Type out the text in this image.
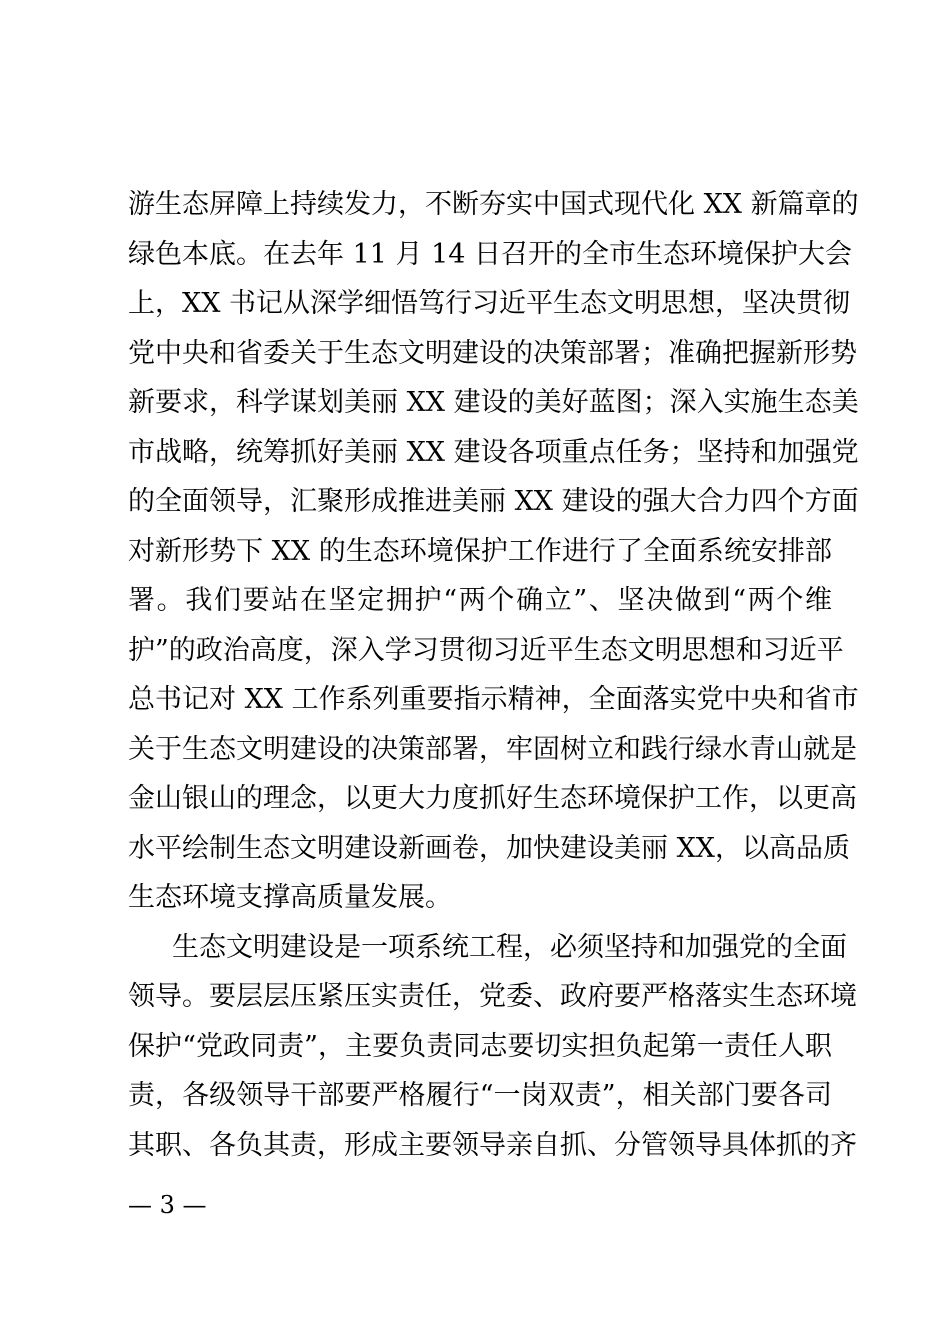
游生态屏障上持续发力，不断夯实中国式现代化 XX 新篇章的
绿色本底。在去年 11 月 14 日召开的全市生态环境保护大会
上，XX 书记从深学细悟笃行习近平生态文明思想，坚决贯彻
党中央和省委关于生态文明建设的决策部署；准确把握新形势
新要求，科学谋划美丽 XX 建设的美好蓝图；深入实施生态美
市战略，统筹抓好美丽 XX 建设各项重点任务；坚持和加强党
的全面领导，汇聚形成推进美丽 XX 建设的强大合力四个方面
对新形势下 XX 的生态环境保护工作进行了全面系统安排部
署。我们要站在坚定拥护“两个确立”、坚决做到“两个维
护”的政治高度，深入学习贯彻习近平生态文明思想和习近平
总书记对 XX 工作系列重要指示精神，全面落实党中央和省市
关于生态文明建设的决策部署，牢固树立和践行绿水青山就是
金山银山的理念，以更大力度抓好生态环境保护工作，以更高
水平绘制生态文明建设新画卷，加快建设美丽 XX，以高品质
生态环境支撑高质量发展。
生态文明建设是一项系统工程，必须坚持和加强党的全面
领导。要层层压紧压实责任，党委、政府要严格落实生态环境
保护“党政同责”，主要负责同志要切实担负起第一责任人职
责，各级领导干部要严格履行“一岗双责”，相关部门要各司
其职、各负其责，形成主要领导亲自抓、分管领导具体抓的齐
— 3 —
